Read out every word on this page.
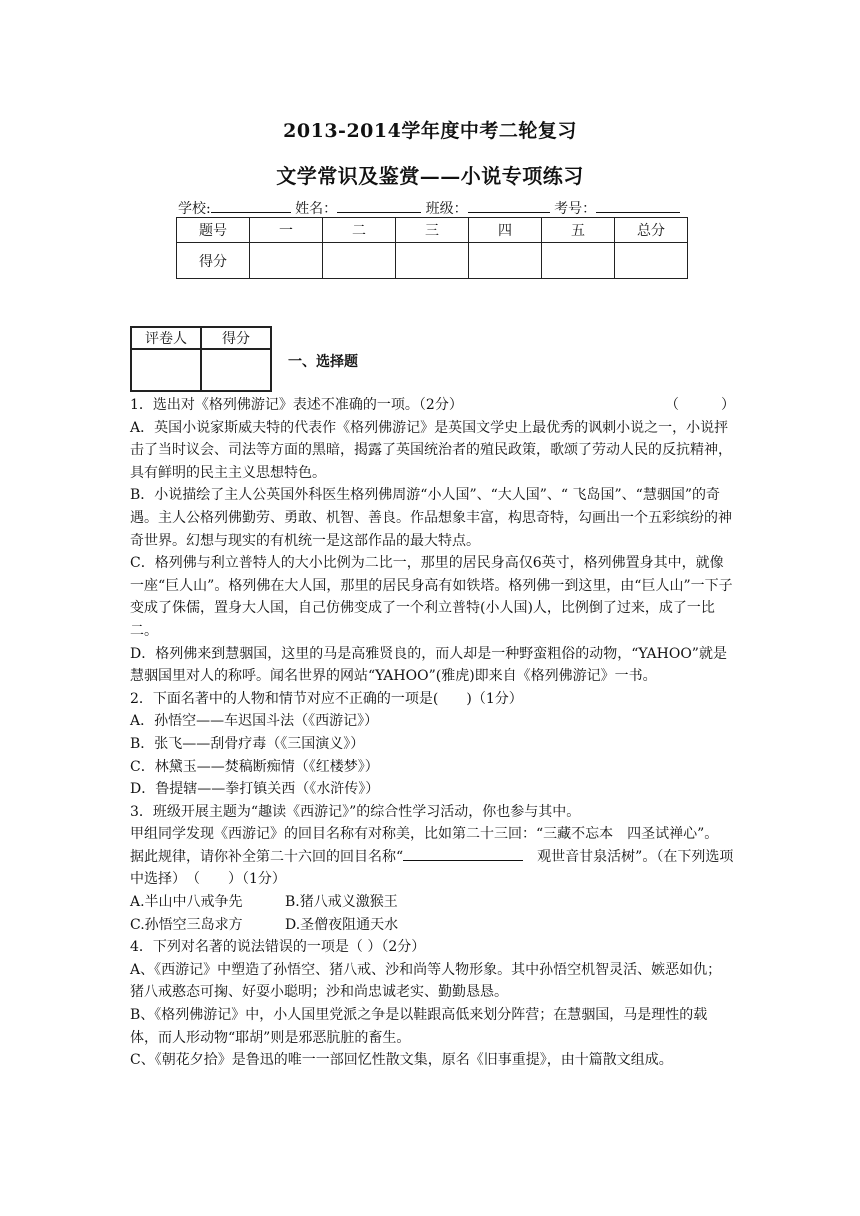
2013-2014学年度中考二轮复习
文学常识及鉴赏——小说专项练习
学校:	姓名：	班级：	考号：
题号	一	二	三	四	五	总分
得分						
评卷人	得分

一、选择题

1．选出对《格列佛游记》表述不准确的一项。（2分）	（　　　）

A．英国小说家斯威夫特的代表作《格列佛游记》是英国文学史上最优秀的讽刺小说之一，小说抨击了当时议会、司法等方面的黑暗，揭露了英国统治者的殖民政策，歌颂了劳动人民的反抗精神，具有鲜明的民主主义思想特色。

B．小说描绘了主人公英国外科医生格列佛周游“小人国”、“大人国”、“ 飞岛国”、“慧骃国”的奇遇。主人公格列佛勤劳、勇敢、机智、善良。作品想象丰富，构思奇特，勾画出一个五彩缤纷的神奇世界。幻想与现实的有机统一是这部作品的最大特点。

C．格列佛与利立普特人的大小比例为二比一，那里的居民身高仅6英寸，格列佛置身其中，就像一座“巨人山”。格列佛在大人国，那里的居民身高有如铁塔。格列佛一到这里，由“巨人山”一下子变成了侏儒，置身大人国，自己仿佛变成了一个利立普特(小人国)人，比例倒了过来，成了一比二。

D．格列佛来到慧骃国，这里的马是高雅贤良的，而人却是一种野蛮粗俗的动物，“YAHOO”就是慧骃国里对人的称呼。闻名世界的网站“YAHOO”(雅虎)即来自《格列佛游记》一书。

2．下面名著中的人物和情节对应不正确的一项是(　　)（1分）

A．孙悟空——车迟国斗法（《西游记》）

B．张飞——刮骨疗毒（《三国演义》）

C．林黛玉——焚稿断痴情（《红楼梦》）

D．鲁提辖——拳打镇关西（《水浒传》）

3．班级开展主题为“趣读《西游记》”的综合性学习活动，你也参与其中。

甲组同学发现《西游记》的回目名称有对称美，比如第二十三回：“三藏不忘本　四圣试禅心”。

据此规律，请你补全第二十六回的回目名称“	　观世音甘泉活树”。（在下列选项中选择）　（　　）（1分）

A.半山中八戒争先	B.猪八戒义激猴王

C.孙悟空三岛求方	D.圣僧夜阻通天水

4．下列对名著的说法错误的一项是（ ）（2分）

A、《西游记》中塑造了孙悟空、猪八戒、沙和尚等人物形象。其中孙悟空机智灵活、嫉恶如仇；猪八戒憨态可掬、好耍小聪明；沙和尚忠诚老实、勤勤恳恳。

B、《格列佛游记》中，小人国里党派之争是以鞋跟高低来划分阵营；在慧骃国，马是理性的载体，而人形动物“耶胡”则是邪恶肮脏的畜生。

C、《朝花夕拾》是鲁迅的唯一一部回忆性散文集，原名《旧事重提》，由十篇散文组成。
